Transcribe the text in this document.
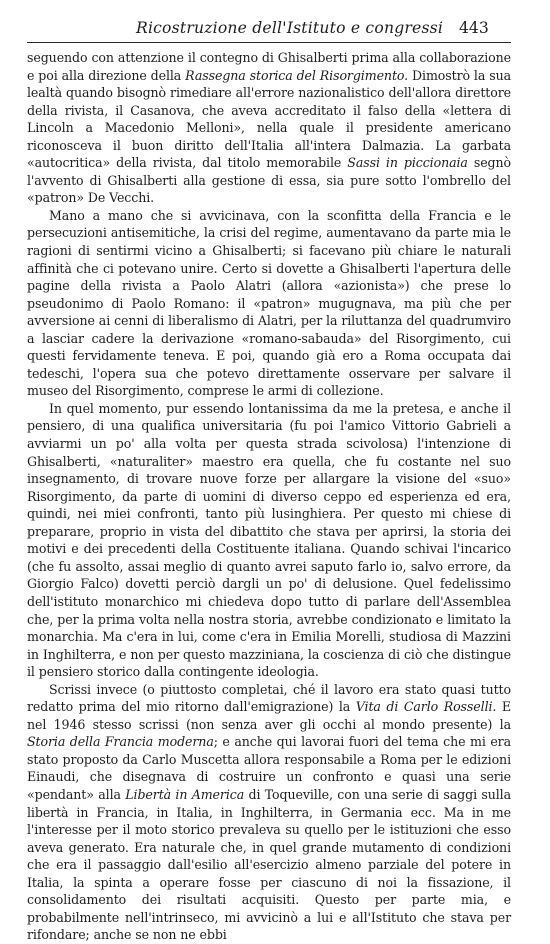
Ricostruzione dell'Istituto e congressi 443

seguendo con attenzione il contegno di Ghisalberti prima alla collaborazione e poi alla direzione della Rassegna storica del Risorgimento. Dimostrò la sua lealtà quando bisognò rimediare all'errore nazionalistico dell'allora direttore della rivista, il Casanova, che aveva accreditato il falso della «lettera di Lincoln a Macedonio Melloni», nella quale il presidente americano riconosceva il buon diritto dell'Italia all'intera Dalmazia. La garbata «autocritica» della rivista, dal titolo memorabile Sassi in piccionaia segnò l'avvento di Ghisalberti alla gestione di essa, sia pure sotto l'ombrello del «patron» De Vecchi.

Mano a mano che si avvicinava, con la sconfitta della Francia e le persecuzioni antisemitiche, la crisi del regime, aumentavano da parte mia le ragioni di sentirmi vicino a Ghisalberti; si facevano più chiare le naturali affinità che ci potevano unire. Certo si dovette a Ghisalberti l'apertura delle pagine della rivista a Paolo Alatri (allora «azionista») che prese lo pseudonimo di Paolo Romano: il «patron» mugugnava, ma più che per avversione ai cenni di liberalismo di Alatri, per la riluttanza del quadrumviro a lasciar cadere la derivazione «romano-sabauda» del Risorgimento, cui questi fervidamente teneva. E poi, quando già ero a Roma occupata dai tedeschi, l'opera sua che potevo direttamente osservare per salvare il museo del Risorgimento, comprese le armi di collezione.

In quel momento, pur essendo lontanissima da me la pretesa, e anche il pensiero, di una qualifica universitaria (fu poi l'amico Vittorio Gabrieli a avviarmi un po' alla volta per questa strada scivolosa) l'intenzione di Ghisalberti, «naturaliter» maestro era quella, che fu costante nel suo insegnamento, di trovare nuove forze per allargare la visione del «suo» Risorgimento, da parte di uomini di diverso ceppo ed esperienza ed era, quindi, nei miei confronti, tanto più lusinghiera. Per questo mi chiese di preparare, proprio in vista del dibattito che stava per aprirsi, la storia dei motivi e dei precedenti della Costituente italiana. Quando schivai l'incarico (che fu assolto, assai meglio di quanto avrei saputo farlo io, salvo errore, da Giorgio Falco) dovetti perciò dargli un po' di delusione. Quel fedelissimo dell'istituto monarchico mi chiedeva dopo tutto di parlare dell'Assemblea che, per la prima volta nella nostra storia, avrebbe condizionato e limitato la monarchia. Ma c'era in lui, come c'era in Emilia Morelli, studiosa di Mazzini in Inghilterra, e non per questo mazziniana, la coscienza di ciò che distingue il pensiero storico dalla contingente ideologia.

Scrissi invece (o piuttosto completai, ché il lavoro era stato quasi tutto redatto prima del mio ritorno dall'emigrazione) la Vita di Carlo Rosselli. E nel 1946 stesso scrissi (non senza aver gli occhi al mondo presente) la Storia della Francia moderna; e anche qui lavorai fuori del tema che mi era stato proposto da Carlo Muscetta allora responsabile a Roma per le edizioni Einaudi, che disegnava di costruire un confronto e quasi una serie «pendant» alla Libertà in America di Toqueville, con una serie di saggi sulla libertà in Francia, in Italia, in Inghilterra, in Germania ecc. Ma in me l'interesse per il moto storico prevaleva su quello per le istituzioni che esso aveva generato. Era naturale che, in quel grande mutamento di condizioni che era il passaggio dall'esilio all'esercizio almeno parziale del potere in Italia, la spinta a operare fosse per ciascuno di noi la fissazione, il consolidamento dei risultati acquisiti. Questo per parte mia, e probabilmente nell'intrinseco, mi avvicinò a lui e all'Istituto che stava per rifondare; anche se non ne ebbi
